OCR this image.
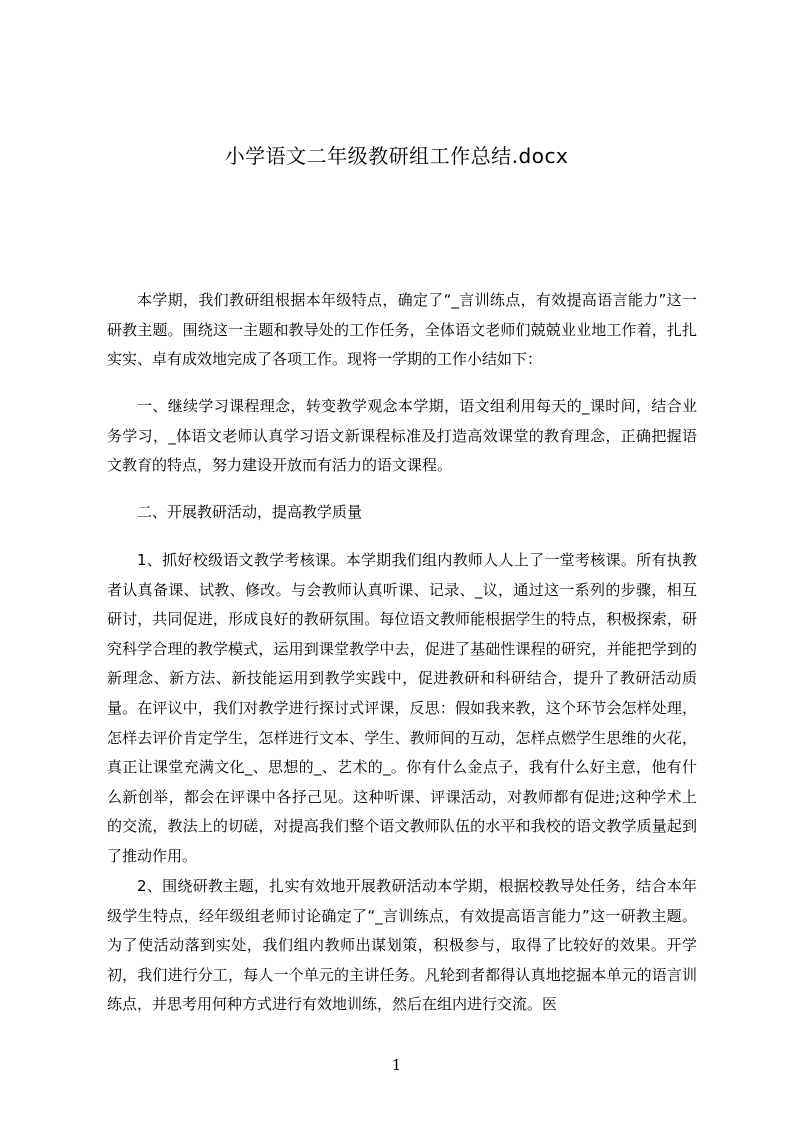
小学语文二年级教研组工作总结.docx

本学期，我们教研组根据本年级特点，确定了“_言训练点，有效提高语言能力”这一研教主题。围绕这一主题和教导处的工作任务，全体语文老师们兢兢业业地工作着，扎扎实实、卓有成效地完成了各项工作。现将一学期的工作小结如下：

一、继续学习课程理念，转变教学观念本学期，语文组利用每天的_课时间，结合业务学习，_体语文老师认真学习语文新课程标准及打造高效课堂的教育理念，正确把握语文教育的特点，努力建设开放而有活力的语文课程。

二、开展教研活动，提高教学质量

1、抓好校级语文教学考核课。本学期我们组内教师人人上了一堂考核课。所有执教者认真备课、试教、修改。与会教师认真听课、记录、_议，通过这一系列的步骤，相互研讨，共同促进，形成良好的教研氛围。每位语文教师能根据学生的特点，积极探索，研究科学合理的教学模式，运用到课堂教学中去，促进了基础性课程的研究，并能把学到的新理念、新方法、新技能运用到教学实践中，促进教研和科研结合，提升了教研活动质量。在评议中，我们对教学进行探讨式评课，反思：假如我来教，这个环节会怎样处理，怎样去评价肯定学生，怎样进行文本、学生、教师间的互动，怎样点燃学生思维的火花，真正让课堂充满文化_、思想的_、艺术的_。你有什么金点子，我有什么好主意，他有什么新创举，都会在评课中各抒己见。这种听课、评课活动，对教师都有促进;这种学术上的交流，教法上的切磋，对提高我们整个语文教师队伍的水平和我校的语文教学质量起到了推动作用。

2、围绕研教主题，扎实有效地开展教研活动本学期，根据校教导处任务，结合本年级学生特点，经年级组老师讨论确定了“_言训练点，有效提高语言能力”这一研教主题。为了使活动落到实处，我们组内教师出谋划策，积极参与，取得了比较好的效果。开学初，我们进行分工，每人一个单元的主讲任务。凡轮到者都得认真地挖掘本单元的语言训练点，并思考用何种方式进行有效地训练，然后在组内进行交流。医

1
